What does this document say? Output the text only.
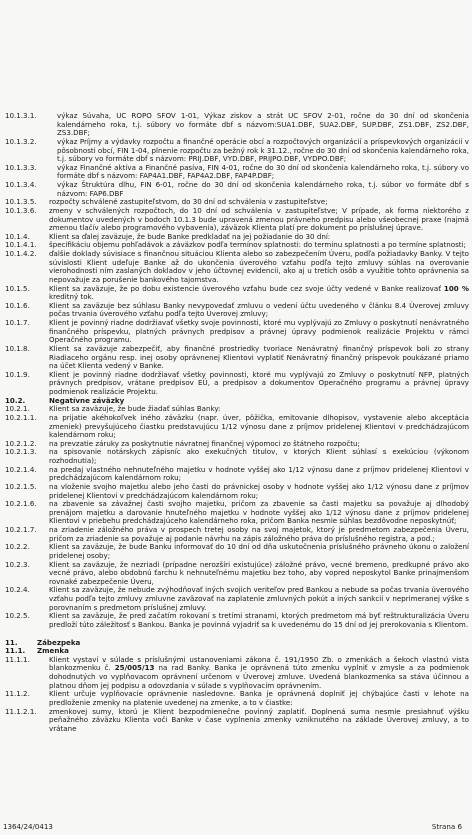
10.1.3.1.	výkaz Súvaha, UC ROPO SFOV 1-01, Výkaz ziskov a strát UC SFOV 2-01, ročne do 30 dní od skončenia kalendárneho roka, t.j. súbory vo formáte dbf s názvom:SUA1.DBF, SUA2.DBF, SUP.DBF, ZS1.DBF, ZS2.DBF, ZS3.DBF;
10.1.3.2.	výkaz Príjmy a výdavky rozpočtu a finančné operácie obcí a rozpočtových organizácií a príspevkových organizácií v pôsobnosti obcí, FIN 1-04, plnenie rozpočtu za bežný rok k 31.12., ročne do 30 dní od skončenia kalendárneho roka, t.j. súbory vo formáte dbf s názvom: PRIJ.DBF, VYD.DBF, PRIJPO.DBF, VYDPO.DBF;
10.1.3.3.	výkaz Finančné aktíva a Finančné pasíva, FIN 4-01, ročne do 30 dní od skončenia kalendárneho roka, t.j. súbory vo formáte dbf s názvom: FAP4A1.DBF, FAP4A2.DBF, FAP4P.DBF;
10.1.3.4.	výkaz Štruktúra dlhu, FIN 6-01, ročne do 30 dní od skončenia kalendárneho roka, t.j. súbor vo formáte dbf s názvom: FAP6.DBF
10.1.3.5.	rozpočty schválené zastupiteľstvom, do 30 dní od schválenia v zastupiteľstve;
10.1.3.6.	zmeny v schválených rozpočtoch, do 10 dní od schválenia v zastupiteľstve; V prípade, ak forma niektorého z dokumentov uvedených v bodoch 10.1.3 bude upravená zmenou právneho predpisu alebo všeobecnej praxe (najmä zmenou tlačív alebo programového vybavenia), záväzok Klienta platí pre dokument po príslušnej úprave.
10.1.4.	Klient sa ďalej zaväzuje, že bude Banke predkladať na jej požiadanie do 30 dní:
10.1.4.1.	špecifikáciu objemu pohľadávok a záväzkov podľa termínov splatnosti: do termínu splatnosti a po termíne splatnosti;
10.1.4.2.	ďalšie doklady súvisiace s finančnou situáciou Klienta alebo so zabezpečením Úveru, podľa požiadavky Banky. V tejto súvislosti Klient udeľuje Banke až do ukončenia úverového vzťahu podľa tejto zmluvy súhlas na overovanie vierohodnosti ním zaslaných dokladov v jeho účtovnej evidencii, ako aj u tretích osôb a využitie tohto oprávnenia sa nepovažuje za porušenie bankového tajomstva.
10.1.5.	Klient sa zaväzuje, že po dobu existencie úverového vzťahu bude cez svoje účty vedené v Banke realizovať 100 % kreditný tok.
10.1.6.	Klient sa zaväzuje bez súhlasu Banky nevypovedať zmluvu o vedení účtu uvedeného v článku 8.4 Úverovej zmluvy počas trvania úverového vzťahu podľa tejto Úverovej zmluvy;
10.1.7.	Klient je povinný riadne dodržiavať všetky svoje povinnosti, ktoré mu vyplývajú zo Zmluvy o poskytnutí nenávratného finančného príspevku, platných právnych predpisov a právnej úpravy podmienok realizácie Projektu v rámci Operačného programu.
10.1.8.	Klient sa zaväzuje zabezpečiť, aby finančné prostriedky tvoriace Nenávratný finančný príspevok boli zo strany Riadiaceho orgánu resp. inej osoby oprávnenej Klientovi vyplatiť Nenávratný finančný príspevok poukázané priamo na účet Klienta vedený v Banke.
10.1.9.	Klient je povinný riadne dodržiavať všetky povinnosti, ktoré mu vyplývajú zo Zmluvy o poskytnutí NFP, platných právnych predpisov, vrátane predpisov EÚ, a predpisov a dokumentov Operačného programu a právnej úpravy podmienok realizácie Projektu.
10.2.	Negatívne záväzky
10.2.1.	Klient sa zaväzuje, že bude žiadať súhlas Banky:
10.2.1.1.	na prijatie akéhokoľvek iného záväzku (napr. úver, pôžička, emitovanie dlhopisov, vystavenie alebo akceptácia zmeniek) prevyšujúceho čiastku predstavujúcu 1/12 výnosu dane z príjmov pridelenej Klientovi v predchádzajúcom kalendárnom roku;
10.2.1.2.	na prevzatie záruky za poskytnutie návratnej finančnej výpomoci zo štátneho rozpočtu;
10.2.1.3.	na spisovanie notárskych zápisníc ako exekučných titulov, v ktorých Klient súhlasí s exekúciou (výkonom rozhodnutia);
10.2.1.4.	na predaj vlastného nehnuteľného majetku v hodnote vyššej ako 1/12 výnosu dane z príjmov pridelenej Klientovi v predchádzajúcom kalendárnom roku;
10.2.1.5.	na vloženie svojho majetku alebo jeho časti do právnickej osoby v hodnote vyššej ako 1/12 výnosu dane z príjmov pridelenej Klientovi v predchádzajúcom kalendárnom roku;
10.2.1.6.	na zbavenie sa závažnej časti svojho majetku, pričom za zbavenie sa časti majetku sa považuje aj dlhodobý prenájom majetku a darovanie hnuteľného majetku v hodnote vyššej ako 1/12 výnosu dane z príjmov pridelenej Klientovi v priebehu predchádzajúceho kalendárneho roka, pričom Banka nesmie súhlas bezdôvodne neposkytnúť;
10.2.1.7.	na zriadenie záložného práva v prospech tretej osoby na svoj majetok, ktorý je predmetom zabezpečenia Úveru, pričom za zriadenie sa považuje aj podanie návrhu na zápis záložného práva do príslušného registra, a pod.;
10.2.2.	Klient sa zaväzuje, že bude Banku informovať do 10 dní od dňa uskutočnenia príslušného právneho úkonu o založení pridelenej osoby;
10.2.3.	Klient sa zaväzuje, že nezriadi (prípadne nerozšíri existujúce) záložné právo, vecné bremeno, predkupné právo ako vecné právo, alebo obdobnú ťarchu k nehnuteľnému majetku bez toho, aby vopred neposkytol Banke prinajmenšom rovnaké zabezpečenie Úveru,
10.2.4.	Klient sa zaväzuje, že nebude zvýhodňovať iných svojich veriteľov pred Bankou a nebude sa počas trvania úverového vzťahu podľa tejto zmluvy zmluvne zaväzovať na zaplatenie zmluvných pokút a iných sankcií v neprimeranej výške s porovnaním s predmetom príslušnej zmluvy.
10.2.5.	Klient sa zaväzuje, že pred začatím rokovaní s tretími stranami, ktorých predmetom má byť reštrukturalizácia Úveru predloží túto záležitosť s Bankou. Banka je povinná vyjadriť sa k uvedenému do 15 dní od jej prerokovania s Klientom.
11.	Zábezpeka
11.1.	Zmenka
11.1.1.	Klient vystaví v súlade s príslušnými ustanoveniami zákona č. 191/1950 Zb. o zmenkách a šekoch vlastnú vista blankozmenku č. 25/005/13 na rad Banky. Banka je oprávnená túto zmenku vyplniť v zmysle a za podmienok dohodnutých vo vyplňovacom oprávnení určenom v Úverovej zmluve. Uvedená blankozmenka sa stáva účinnou a platnou dňom jej podpisu a odovzdania v súlade s vyplňovacím oprávnením.
11.1.2.	Klient určuje vyplňovacie oprávnenie nasledovne. Banka je oprávnená doplniť jej chýbajúce časti v lehote na predloženie zmenky na platenie uvedenej na zmenke, a to v čiastke:
11.1.2.1.	zmenkovej sumy, ktorú je Klient bezpodmienečne povinný zaplatiť. Doplnená suma nesmie presiahnuť výšku peňažného záväzku Klienta voči Banke v čase vyplnenia zmenky vzniknutého na základe Úverovej zmluvy, a to vrátane
1364/24/0413	Strana 6
